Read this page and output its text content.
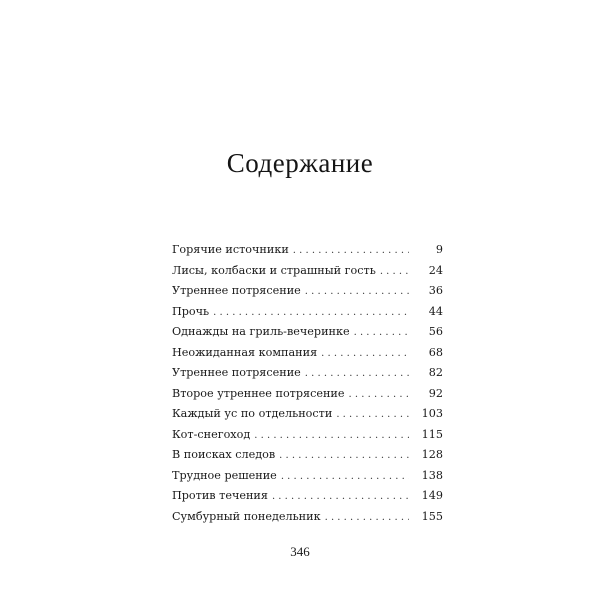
Содержание
Горячие источники . . .	9
Лисы, колбаски и страшный гость . . .	24
Утреннее потрясение . . .	36
Прочь . . .	44
Однажды на гриль-вечеринке . . .	56
Неожиданная компания . . .	68
Утреннее потрясение . . .	82
Второе утреннее потрясение . . .	92
Каждый ус по отдельности . . .	103
Кот-снегоход . . .	115
В поисках следов . . .	128
Трудное решение . . .	138
Против течения . . .	149
Сумбурный понедельник . . .	155
346
